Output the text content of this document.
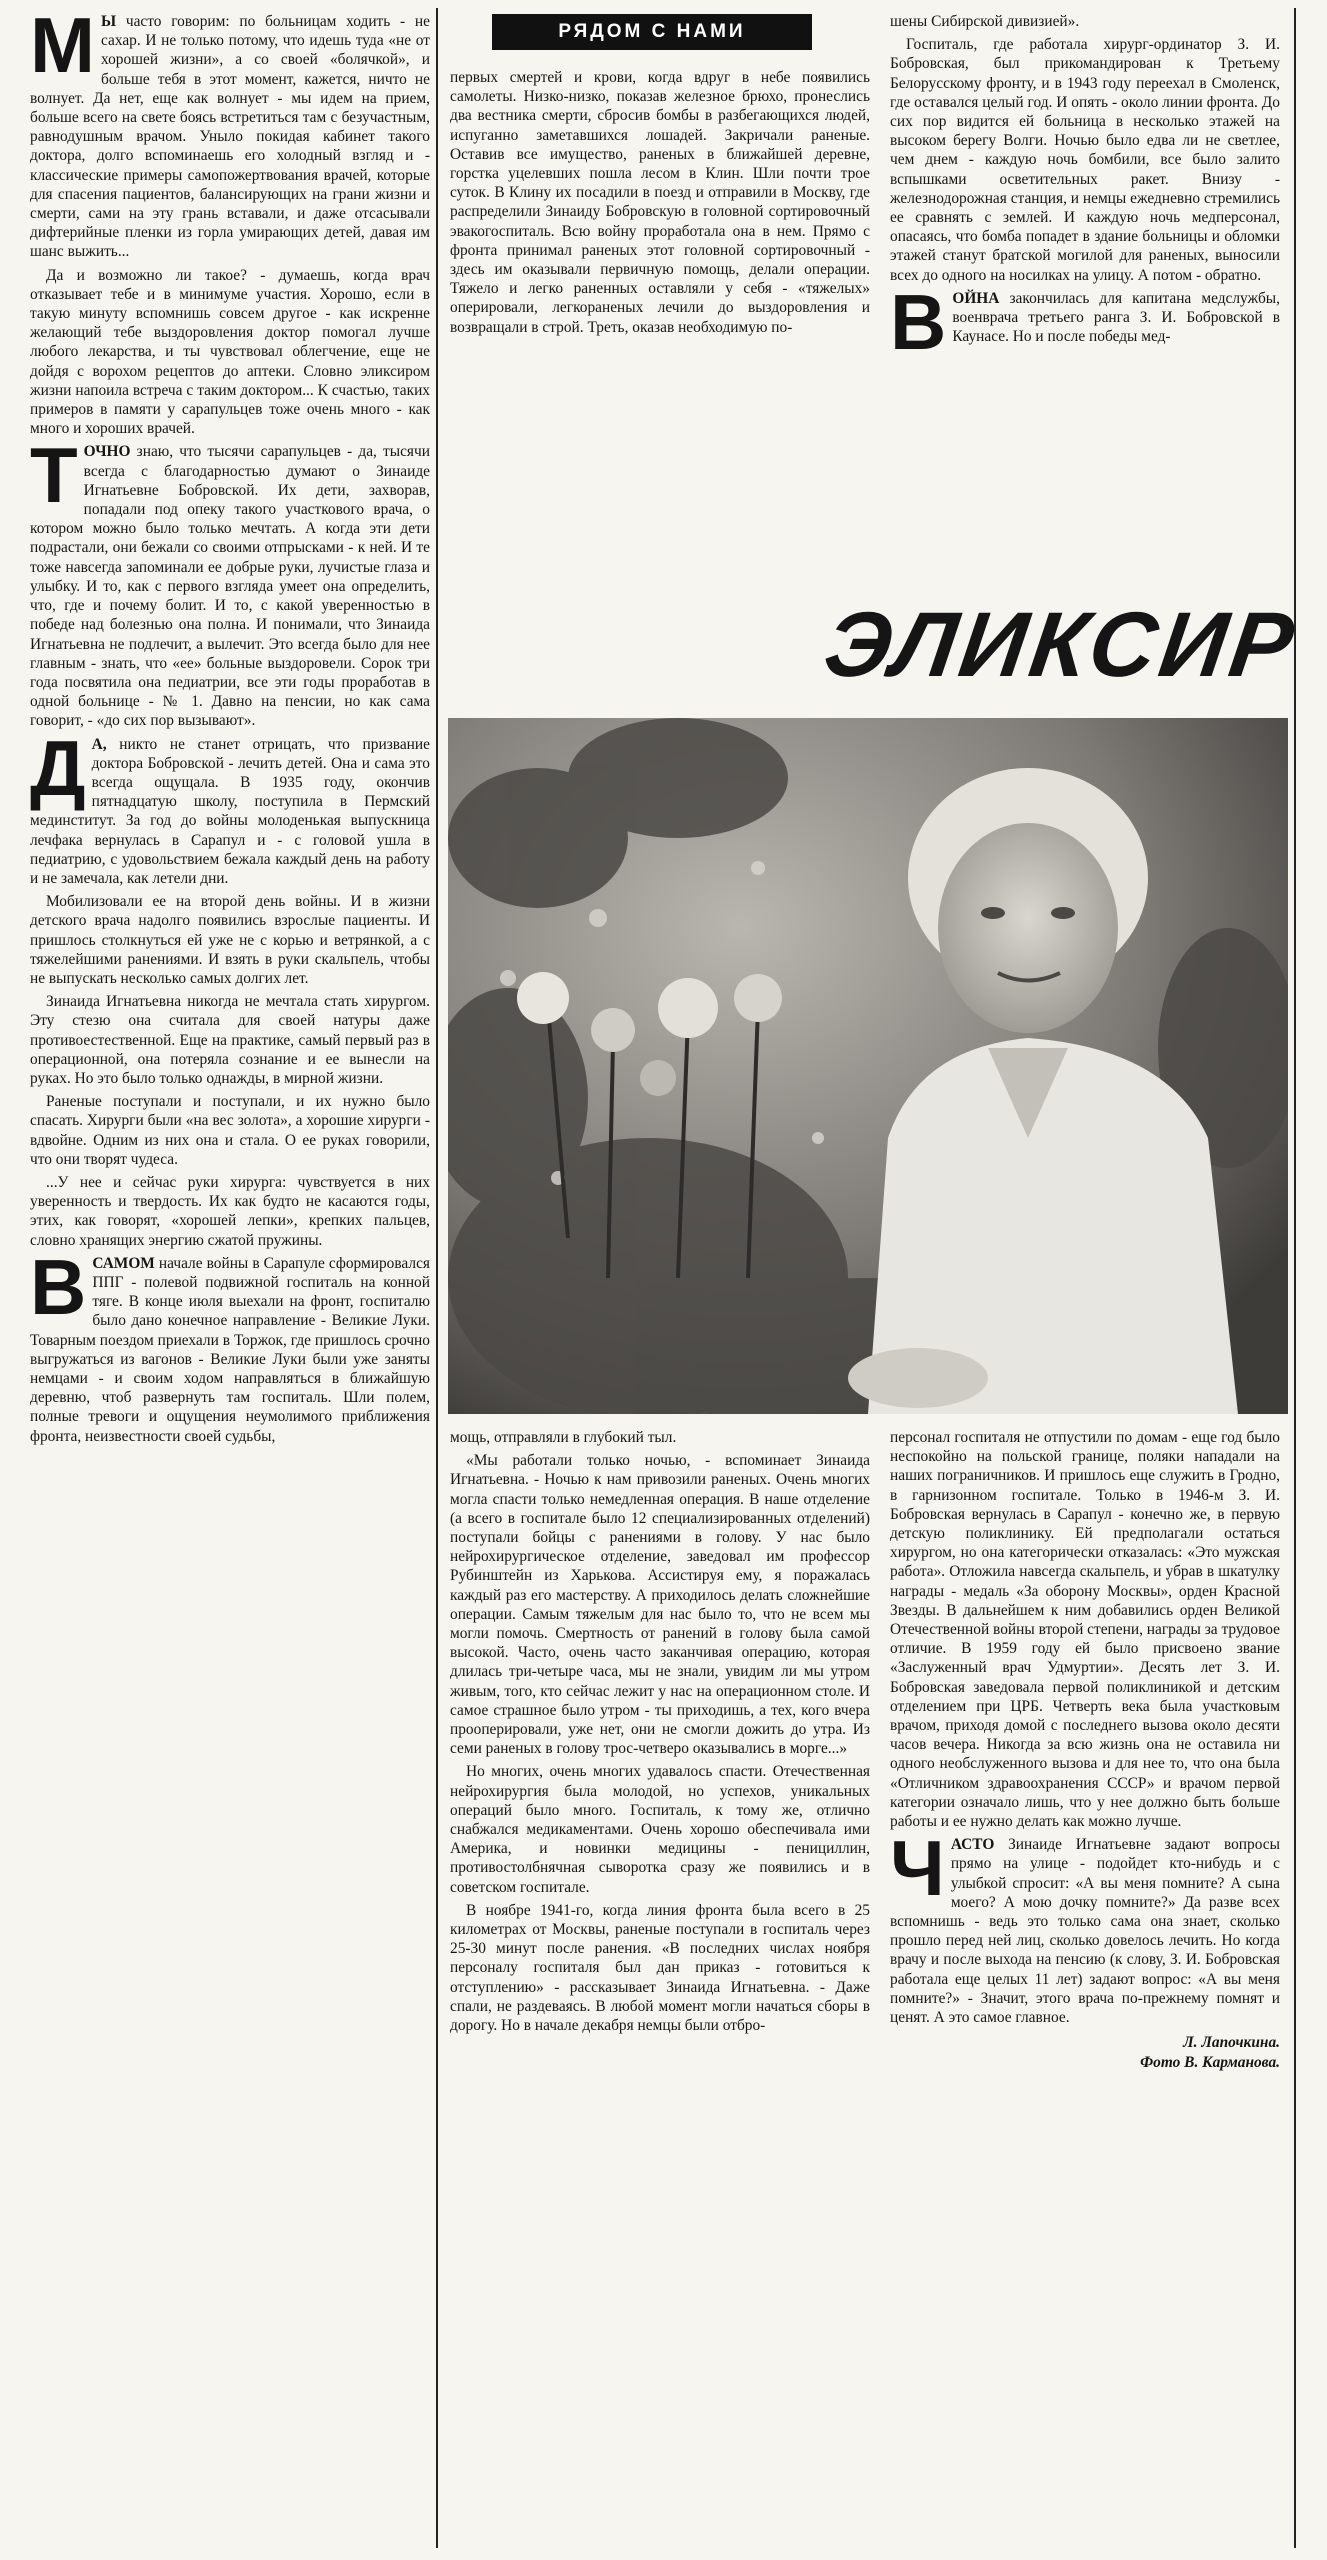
МЫ часто говорим: по больницам ходить - не сахар. И не только потому, что идешь туда «не от хорошей жизни», а со своей «болячкой», и больше тебя в этот момент, кажется, ничто не волнует. Да нет, еще как волнует - мы идем на прием, больше всего на свете боясь встретиться там с безучастным, равнодушным врачом. Уныло покидая кабинет такого доктора, долго вспоминаешь его холодный взгляд и - классические примеры самопожертвования врачей, которые для спасения пациентов, балансирующих на грани жизни и смерти, сами на эту грань вставали, и даже отсасывали дифтерийные пленки из горла умирающих детей, давая им шанс выжить...

Да и возможно ли такое? - думаешь, когда врач отказывает тебе и в минимуме участия. Хорошо, если в такую минуту вспомнишь совсем другое - как искренне желающий тебе выздоровления доктор помогал лучше любого лекарства, и ты чувствовал облегчение, еще не дойдя с ворохом рецептов до аптеки. Словно эликсиром жизни напоила встреча с таким доктором... К счастью, таких примеров в памяти у сарапульцев тоже очень много - как много и хороших врачей.

ТОЧНО знаю, что тысячи сарапульцев - да, тысячи всегда с благодарностью думают о Зинаиде Игнатьевне Бобровской. Их дети, захворав, попадали под опеку такого участкового врача, о котором можно было только мечтать. А когда эти дети подрастали, они бежали со своими отпрысками - к ней. И те тоже навсегда запоминали ее добрые руки, лучистые глаза и улыбку. И то, как с первого взгляда умеет она определить, что, где и почему болит. И то, с какой уверенностью в победе над болезнью она полна. И понимали, что Зинаида Игнатьевна не подлечит, а вылечит. Это всегда было для нее главным - знать, что «ее» больные выздоровели. Сорок три года посвятила она педиатрии, все эти годы проработав в одной больнице - № 1. Давно на пенсии, но как сама говорит, - «до сих пор вызывают».

ДА, никто не станет отрицать, что призвание доктора Бобровской - лечить детей. Она и сама это всегда ощущала. В 1935 году, окончив пятнадцатую школу, поступила в Пермский мединститут. За год до войны молоденькая выпускница лечфака вернулась в Сарапул и - с головой ушла в педиатрию, с удовольствием бежала каждый день на работу и не замечала, как летели дни.

Мобилизовали ее на второй день войны. И в жизни детского врача надолго появились взрослые пациенты. И пришлось столкнуться ей уже не с корью и ветрянкой, а с тяжелейшими ранениями. И взять в руки скальпель, чтобы не выпускать несколько самых долгих лет.

Зинаида Игнатьевна никогда не мечтала стать хирургом. Эту стезю она считала для своей натуры даже противоестественной. Еще на практике, самый первый раз в операционной, она потеряла сознание и ее вынесли на руках. Но это было только однажды, в мирной жизни.

Раненые поступали и поступали, и их нужно было спасать. Хирурги были «на вес золота», а хорошие хирурги - вдвойне. Одним из них она и стала. О ее руках говорили, что они творят чудеса.

...У нее и сейчас руки хирурга: чувствуется в них уверенность и твердость. Их как будто не касаются годы, этих, как говорят, «хорошей лепки», крепких пальцев, словно хранящих энергию сжатой пружины.

ВСАМОМ начале войны в Сарапуле сформировался ППГ - полевой подвижной госпиталь на конной тяге. В конце июля выехали на фронт, госпиталю было дано конечное направление - Великие Луки. Товарным поездом приехали в Торжок, где пришлось срочно выгружаться из вагонов - Великие Луки были уже заняты немцами - и своим ходом направляться в ближайшую деревню, чтоб развернуть там госпиталь. Шли полем, полные тревоги и ощущения неумолимого приближения фронта, неизвестности своей судьбы,

РЯДОМ С НАМИ

первых смертей и крови, когда вдруг в небе появились самолеты. Низко-низко, показав железное брюхо, пронеслись два вестника смерти, сбросив бомбы в разбегающихся людей, испуганно заметавшихся лошадей. Закричали раненые. Оставив все имущество, раненых в ближайшей деревне, горстка уцелевших пошла лесом в Клин. Шли почти трое суток. В Клину их посадили в поезд и отправили в Москву, где распределили Зинаиду Бобровскую в головной сортировочный эвакогоспиталь. Всю войну проработала она в нем. Прямо с фронта принимал раненых этот головной сортировочный - здесь им оказывали первичную помощь, делали операции. Тяжело и легко раненных оставляли у себя - «тяжелых» оперировали, легкораненых лечили до выздоровления и возвращали в строй. Треть, оказав необходимую по-

шены Сибирской дивизией».

Госпиталь, где работала хирург-ординатор З. И. Бобровская, был прикомандирован к Третьему Белорусскому фронту, и в 1943 году переехал в Смоленск, где оставался целый год. И опять - около линии фронта. До сих пор видится ей больница в несколько этажей на высоком берегу Волги. Ночью было едва ли не светлее, чем днем - каждую ночь бомбили, все было залито вспышками осветительных ракет. Внизу - железнодорожная станция, и немцы ежедневно стремились ее сравнять с землей. И каждую ночь медперсонал, опасаясь, что бомба попадет в здание больницы и обломки этажей станут братской могилой для раненых, выносили всех до одного на носилках на улицу. А потом - обратно.

ВОЙНА закончилась для капитана медслужбы, военврача третьего ранга З. И. Бобровской в Каунасе. Но и после победы мед-

ЭЛИКСИР

мощь, отправляли в глубокий тыл.

«Мы работали только ночью, - вспоминает Зинаида Игнатьевна. - Ночью к нам привозили раненых. Очень многих могла спасти только немедленная операция. В наше отделение (а всего в госпитале было 12 специализированных отделений) поступали бойцы с ранениями в голову. У нас было нейрохирургическое отделение, заведовал им профессор Рубинштейн из Харькова. Ассистируя ему, я поражалась каждый раз его мастерству. А приходилось делать сложнейшие операции. Самым тяжелым для нас было то, что не всем мы могли помочь. Смертность от ранений в голову была самой высокой. Часто, очень часто заканчивая операцию, которая длилась три-четыре часа, мы не знали, увидим ли мы утром живым, того, кто сейчас лежит у нас на операционном столе. И самое страшное было утром - ты приходишь, а тех, кого вчера прооперировали, уже нет, они не смогли дожить до утра. Из семи раненых в голову трос-четверо оказывались в морге...»

Но многих, очень многих удавалось спасти. Отечественная нейрохирургия была молодой, но успехов, уникальных операций было много. Госпиталь, к тому же, отлично снабжался медикаментами. Очень хорошо обеспечивала ими Америка, и новинки медицины - пенициллин, противостолбнячная сыворотка сразу же появились и в советском госпитале.

В ноябре 1941-го, когда линия фронта была всего в 25 километрах от Москвы, раненые поступали в госпиталь через 25-30 минут после ранения. «В последних числах ноября персоналу госпиталя был дан приказ - готовиться к отступлению» - рассказывает Зинаида Игнатьевна. - Даже спали, не раздеваясь. В любой момент могли начаться сборы в дорогу. Но в начале декабря немцы были отбро-

персонал госпиталя не отпустили по домам - еще год было неспокойно на польской границе, поляки нападали на наших пограничников. И пришлось еще служить в Гродно, в гарнизонном госпитале. Только в 1946-м З. И. Бобровская вернулась в Сарапул - конечно же, в первую детскую поликлинику. Ей предполагали остаться хирургом, но она категорически отказалась: «Это мужская работа». Отложила навсегда скальпель, и убрав в шкатулку награды - медаль «За оборону Москвы», орден Красной Звезды. В дальнейшем к ним добавились орден Великой Отечественной войны второй степени, награды за трудовое отличие. В 1959 году ей было присвоено звание «Заслуженный врач Удмуртии». Десять лет З. И. Бобровская заведовала первой поликлиникой и детским отделением при ЦРБ. Четверть века была участковым врачом, приходя домой с последнего вызова около десяти часов вечера. Никогда за всю жизнь она не оставила ни одного необслуженного вызова и для нее то, что она была «Отличником здравоохранения СССР» и врачом первой категории означало лишь, что у нее должно быть больше работы и ее нужно делать как можно лучше.

ЧАСТО Зинаиде Игнатьевне задают вопросы прямо на улице - подойдет кто-нибудь и с улыбкой спросит: «А вы меня помните? А сына моего? А мою дочку помните?» Да разве всех вспомнишь - ведь это только сама она знает, сколько прошло перед ней лиц, сколько довелось лечить. Но когда врачу и после выхода на пенсию (к слову, З. И. Бобровская работала еще целых 11 лет) задают вопрос: «А вы меня помните?» - Значит, этого врача по-прежнему помнят и ценят. А это самое главное.

Л. Лапочкина.
Фото В. Карманова.
